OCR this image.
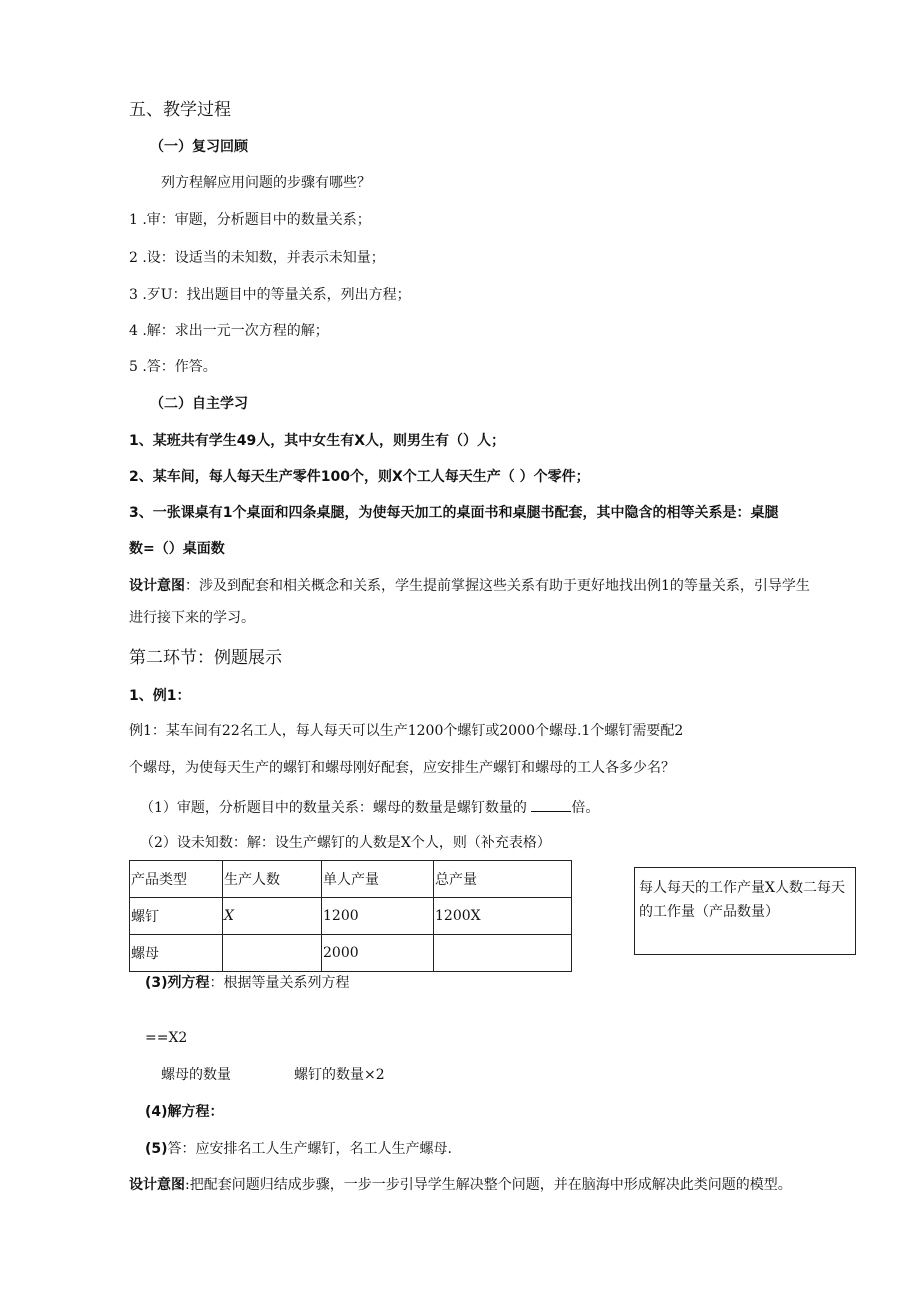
五、教学过程
（一）复习回顾
列方程解应用问题的步骤有哪些？
1 .审：审题，分析题目中的数量关系；
2 .设：设适当的未知数，并表示未知量；
3 .歹U：找出题目中的等量关系，列出方程；
4 .解：求出一元一次方程的解；
5 .答：作答。
（二）自主学习
1、某班共有学生49人，其中女生有X人，则男生有（）人；
2、某车间，每人每天生产零件100个，则X个工人每天生产（ ）个零件；
3、一张课桌有1个桌面和四条桌腿，为使每天加工的桌面书和桌腿书配套，其中隐含的相等关系是：桌腿
数=（）桌面数
设计意图：涉及到配套和相关概念和关系，学生提前掌握这些关系有助于更好地找出例1的等量关系，引导学生
进行接下来的学习。
第二环节：例题展示
1、例1：
例1：某车间有22名工人，每人每天可以生产1200个螺钉或2000个螺母.1个螺钉需要配2
个螺母，为使每天生产的螺钉和螺母刚好配套，应安排生产螺钉和螺母的工人各多少名？
（1）审题，分析题目中的数量关系：螺母的数量是螺钉数量的	倍。
（2）设未知数：解：设生产螺钉的人数是X个人，则（补充表格）
产品类型	生产人数	单人产量	总产量
螺钉	X	1200	1200X
螺母		2000	
每人每天的工作产量X人数二每天的工作量（产品数量）
(3)列方程：根据等量关系列方程
==X2
螺母的数量	螺钉的数量×2
(4)解方程：
(5)答：应安排名工人生产螺钉，名工人生产螺母.
设计意图:把配套问题归结成步骤，一步一步引导学生解决整个问题，并在脑海中形成解决此类问题的模型。
